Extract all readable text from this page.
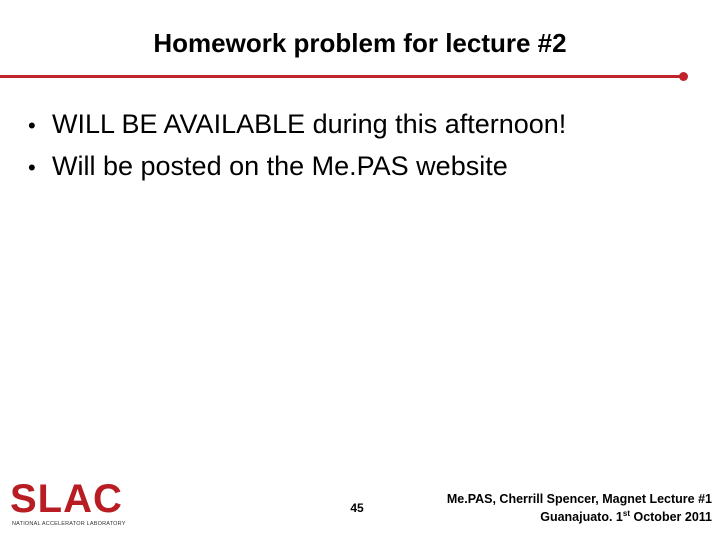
Homework problem for lecture #2
• WILL BE AVAILABLE during this afternoon!
• Will be posted on the Me.PAS website
SLAC
NATIONAL ACCELERATOR LABORATORY
45
Me.PAS, Cherrill Spencer, Magnet Lecture #1
Guanajuato. 1st October 2011
